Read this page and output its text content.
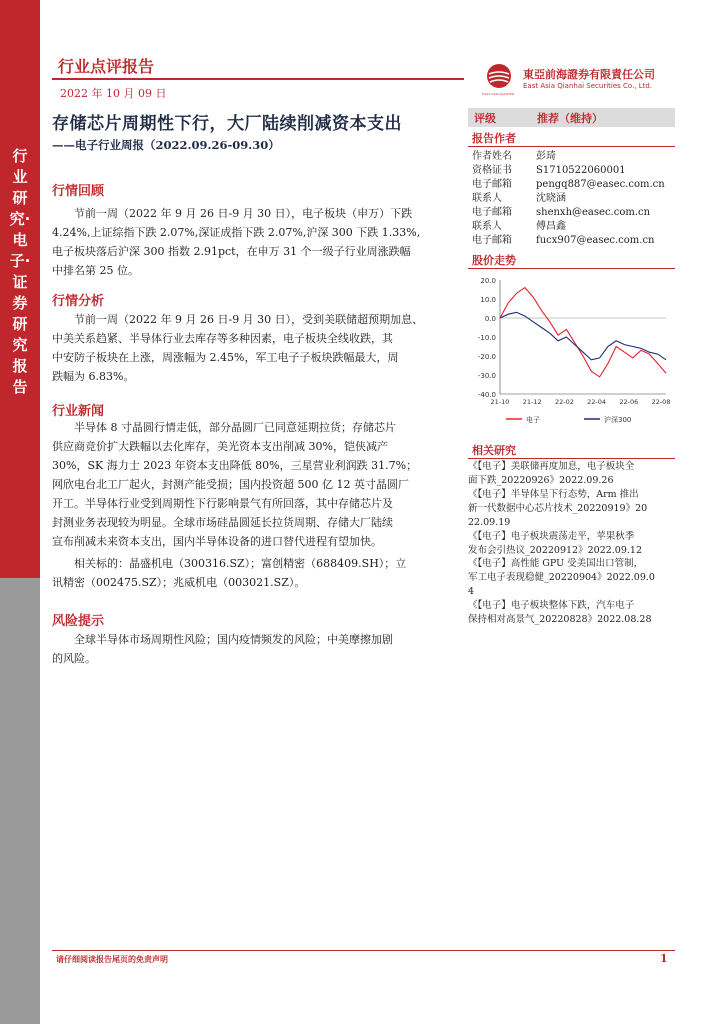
行业研究·电子·证券研究报告
行业点评报告
2022 年 10 月 09 日
東亞前海證券有限責任公司
East Asia Qianhai Securities Co., Ltd.
EAST ASIA QIANHAI
存储芯片周期性下行，大厂陆续削减资本支出
——电子行业周报（2022.09.26-09.30）
行情回顾
节前一周（2022 年 9 月 26 日-9 月 30 日），电子板块（申万）下跌
4.24%,上证综指下跌 2.07%,深证成指下跌 2.07%,沪深 300 下跌 1.33%,
电子板块落后沪深 300 指数 2.91pct，在申万 31 个一级子行业周涨跌幅
中排名第 25 位。
行情分析
节前一周（2022 年 9 月 26 日-9 月 30 日），受到美联储超预期加息、
中美关系趋紧、半导体行业去库存等多种因素，电子板块全线收跌，其
中安防子板块在上涨，周涨幅为 2.45%，军工电子子板块跌幅最大，周
跌幅为 6.83%。
行业新闻
半导体 8 寸晶圆行情走低，部分晶圆厂已同意延期拉货；存储芯片
供应商竞价扩大跌幅以去化库存，美光资本支出削减 30%，铠侠减产
30%，SK 海力士 2023 年资本支出降低 80%，三星营业利润跌 31.7%；
网欣电台北工厂起火，封测产能受损；国内投资超 500 亿 12 英寸晶圆厂
开工。半导体行业受到周期性下行影响景气有所回落，其中存储芯片及
封测业务表现较为明显。全球市场硅晶圆延长拉货周期、存储大厂陆续
宣布削减未来资本支出，国内半导体设备的进口替代进程有望加快。
相关标的：晶盛机电（300316.SZ）；富创精密（688409.SH）；立
讯精密（002475.SZ）；兆威机电（003021.SZ）。
风险提示
全球半导体市场周期性风险；国内疫情频发的风险；中美摩擦加剧
的风险。
评级	推荐（维持）
报告作者
作者姓名 彭琦
资格证书 S1710522060001
电子邮箱 pengq887@easec.com.cn
联系人	沈晓涵
电子邮箱 shenxh@easec.com.cn
联系人	傅昌鑫
电子邮箱 fucx907@easec.com.cn
股价走势
20.0
10.0
0.0
-10.0
-20.0
-30.0
-40.0
21-10 21-12 22-02 22-04 22-06 22-08
电子	沪深300
相关研究
《【电子】美联储再度加息，电子板块全
面下跌_20220926》2022.09.26
《【电子】半导体呈下行态势，Arm 推出
新一代数据中心芯片技术_20220919》20
22.09.19
《【电子】电子板块震荡走平，苹果秋季
发布会引热议_20220912》2022.09.12
《【电子】高性能 GPU 受美国出口管制，
军工电子表现稳健_20220904》2022.09.0
4
《【电子】电子板块整体下跌，汽车电子
保持相对高景气_20220828》2022.08.28
请仔细阅读报告尾页的免责声明	1
